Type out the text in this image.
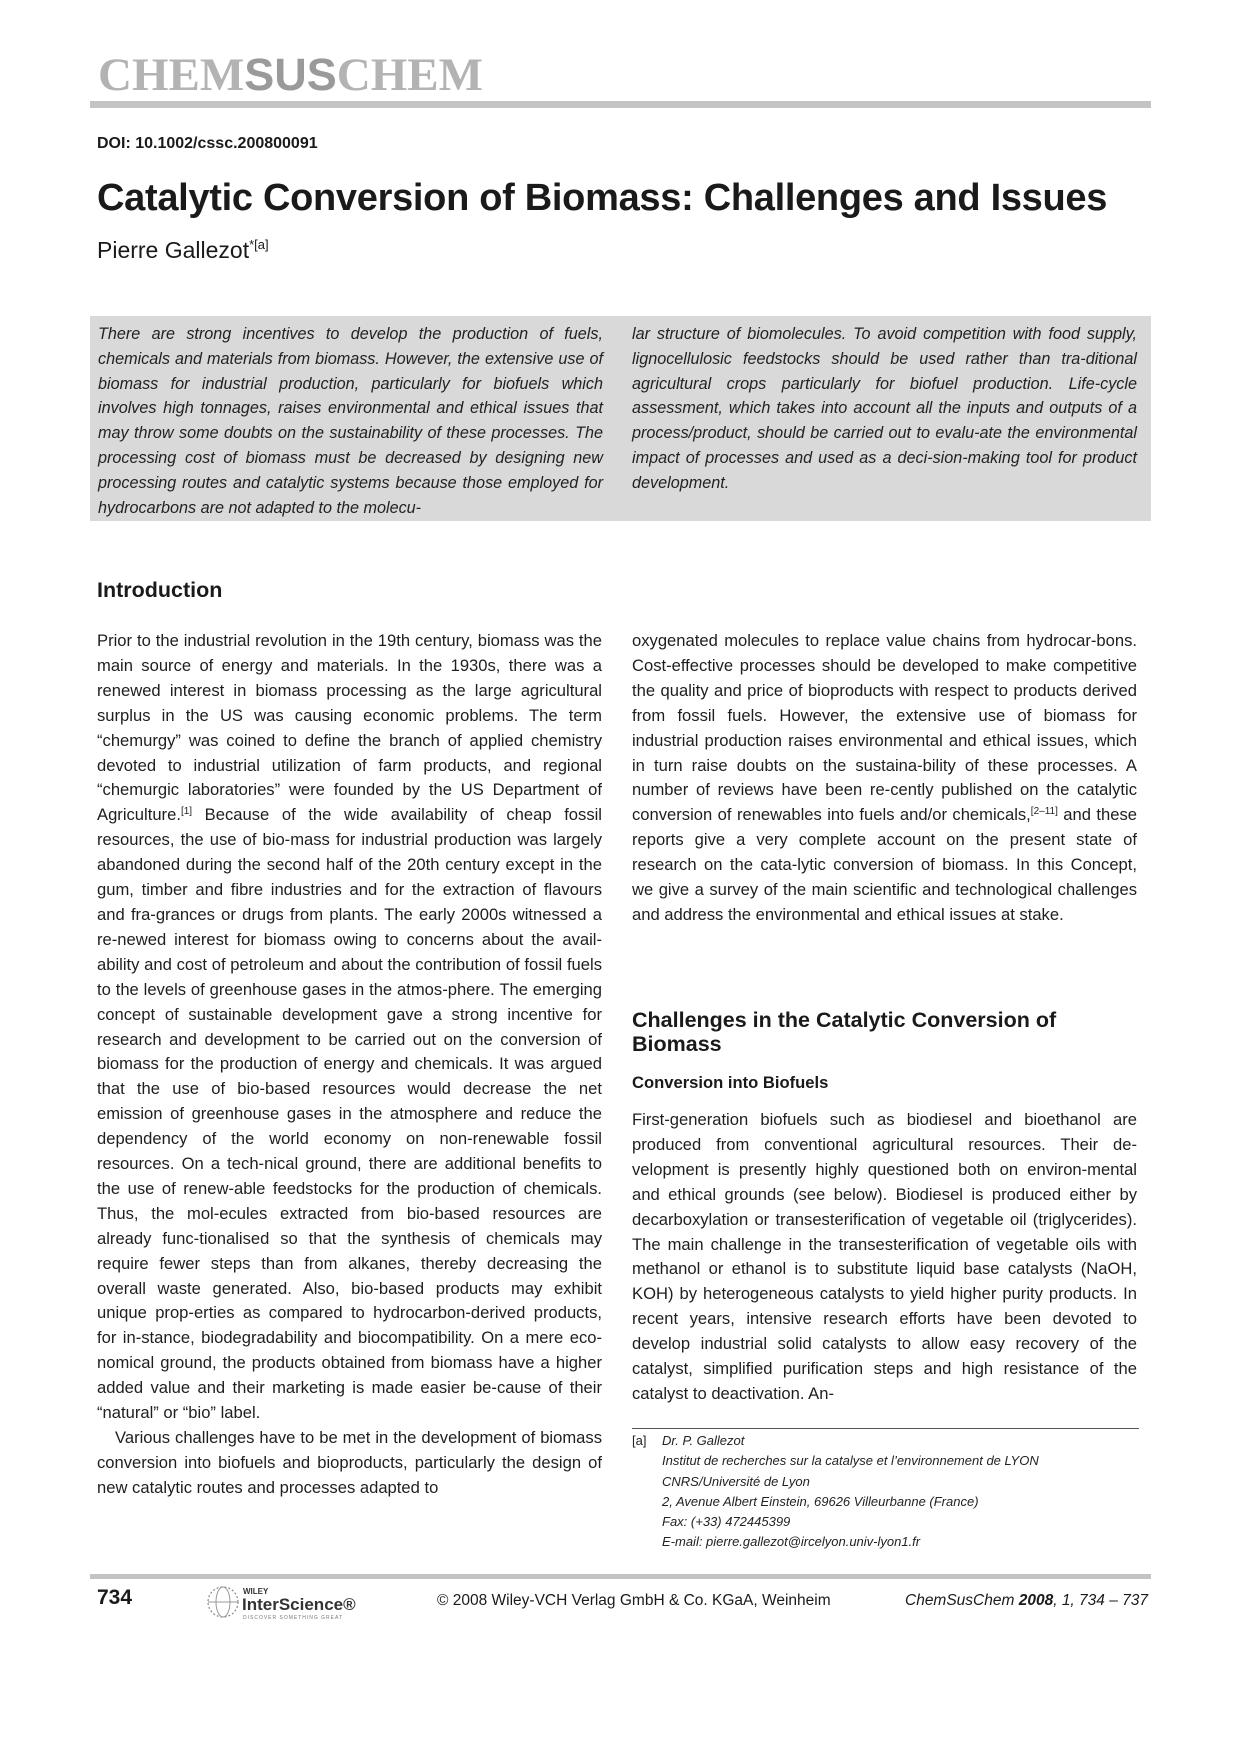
CHEMSUSCHEM
DOI: 10.1002/cssc.200800091
Catalytic Conversion of Biomass: Challenges and Issues
Pierre Gallezot$^{*[a]}$
There are strong incentives to develop the production of fuels, chemicals and materials from biomass. However, the extensive use of biomass for industrial production, particularly for biofuels which involves high tonnages, raises environmental and ethical issues that may throw some doubts on the sustainability of these processes. The processing cost of biomass must be decreased by designing new processing routes and catalytic systems because those employed for hydrocarbons are not adapted to the molecu-
lar structure of biomolecules. To avoid competition with food supply, lignocellulosic feedstocks should be used rather than tra-ditional agricultural crops particularly for biofuel production. Life-cycle assessment, which takes into account all the inputs and outputs of a process/product, should be carried out to evalu-ate the environmental impact of processes and used as a deci-sion-making tool for product development.
Introduction

Prior to the industrial revolution in the 19th century, biomass was the main source of energy and materials. In the 1930s, there was a renewed interest in biomass processing as the large agricultural surplus in the US was causing economic problems. The term “chemurgy” was coined to define the branch of applied chemistry devoted to industrial utilization of farm products, and regional “chemurgic laboratories” were founded by the US Department of Agriculture.[1] Because of the wide availability of cheap fossil resources, the use of bio-mass for industrial production was largely abandoned during the second half of the 20th century except in the gum, timber and fibre industries and for the extraction of flavours and fra-grances or drugs from plants. The early 2000s witnessed a re-newed interest for biomass owing to concerns about the avail-ability and cost of petroleum and about the contribution of fossil fuels to the levels of greenhouse gases in the atmos-phere. The emerging concept of sustainable development gave a strong incentive for research and development to be carried out on the conversion of biomass for the production of energy and chemicals. It was argued that the use of bio-based resources would decrease the net emission of greenhouse gases in the atmosphere and reduce the dependency of the world economy on non-renewable fossil resources. On a tech-nical ground, there are additional benefits to the use of renew-able feedstocks for the production of chemicals. Thus, the mol-ecules extracted from bio-based resources are already func-tionalised so that the synthesis of chemicals may require fewer steps than from alkanes, thereby decreasing the overall waste generated. Also, bio-based products may exhibit unique prop-erties as compared to hydrocarbon-derived products, for in-stance, biodegradability and biocompatibility. On a mere eco-nomical ground, the products obtained from biomass have a higher added value and their marketing is made easier be-cause of their “natural” or “bio” label.

Various challenges have to be met in the development of biomass conversion into biofuels and bioproducts, particularly the design of new catalytic routes and processes adapted to

oxygenated molecules to replace value chains from hydrocar-bons. Cost-effective processes should be developed to make competitive the quality and price of bioproducts with respect to products derived from fossil fuels. However, the extensive use of biomass for industrial production raises environmental and ethical issues, which in turn raise doubts on the sustaina-bility of these processes. A number of reviews have been re-cently published on the catalytic conversion of renewables into fuels and/or chemicals,[2–11] and these reports give a very complete account on the present state of research on the cata-lytic conversion of biomass. In this Concept, we give a survey of the main scientific and technological challenges and address the environmental and ethical issues at stake.

Challenges in the Catalytic Conversion of Biomass
Conversion into Biofuels

First-generation biofuels such as biodiesel and bioethanol are produced from conventional agricultural resources. Their de-velopment is presently highly questioned both on environ-mental and ethical grounds (see below). Biodiesel is produced either by decarboxylation or transesterification of vegetable oil (triglycerides). The main challenge in the transesterification of vegetable oils with methanol or ethanol is to substitute liquid base catalysts (NaOH, KOH) by heterogeneous catalysts to yield higher purity products. In recent years, intensive research efforts have been devoted to develop industrial solid catalysts to allow easy recovery of the catalyst, simplified purification steps and high resistance of the catalyst to deactivation. An-

[a]	Dr. P. Gallezot
Institut de recherches sur la catalyse et l’environnement de LYON
CNRS/Université de Lyon
2, Avenue Albert Einstein, 69626 Villeurbanne (France)
Fax: (+33) 472445399
E-mail: pierre.gallezot@ircelyon.univ-lyon1.fr
734	WILEY
InterScience®
DISCOVER SOMETHING GREAT
© 2008 Wiley-VCH Verlag GmbH & Co. KGaA, Weinheim	ChemSusChem 2008, 1, 734 – 737
